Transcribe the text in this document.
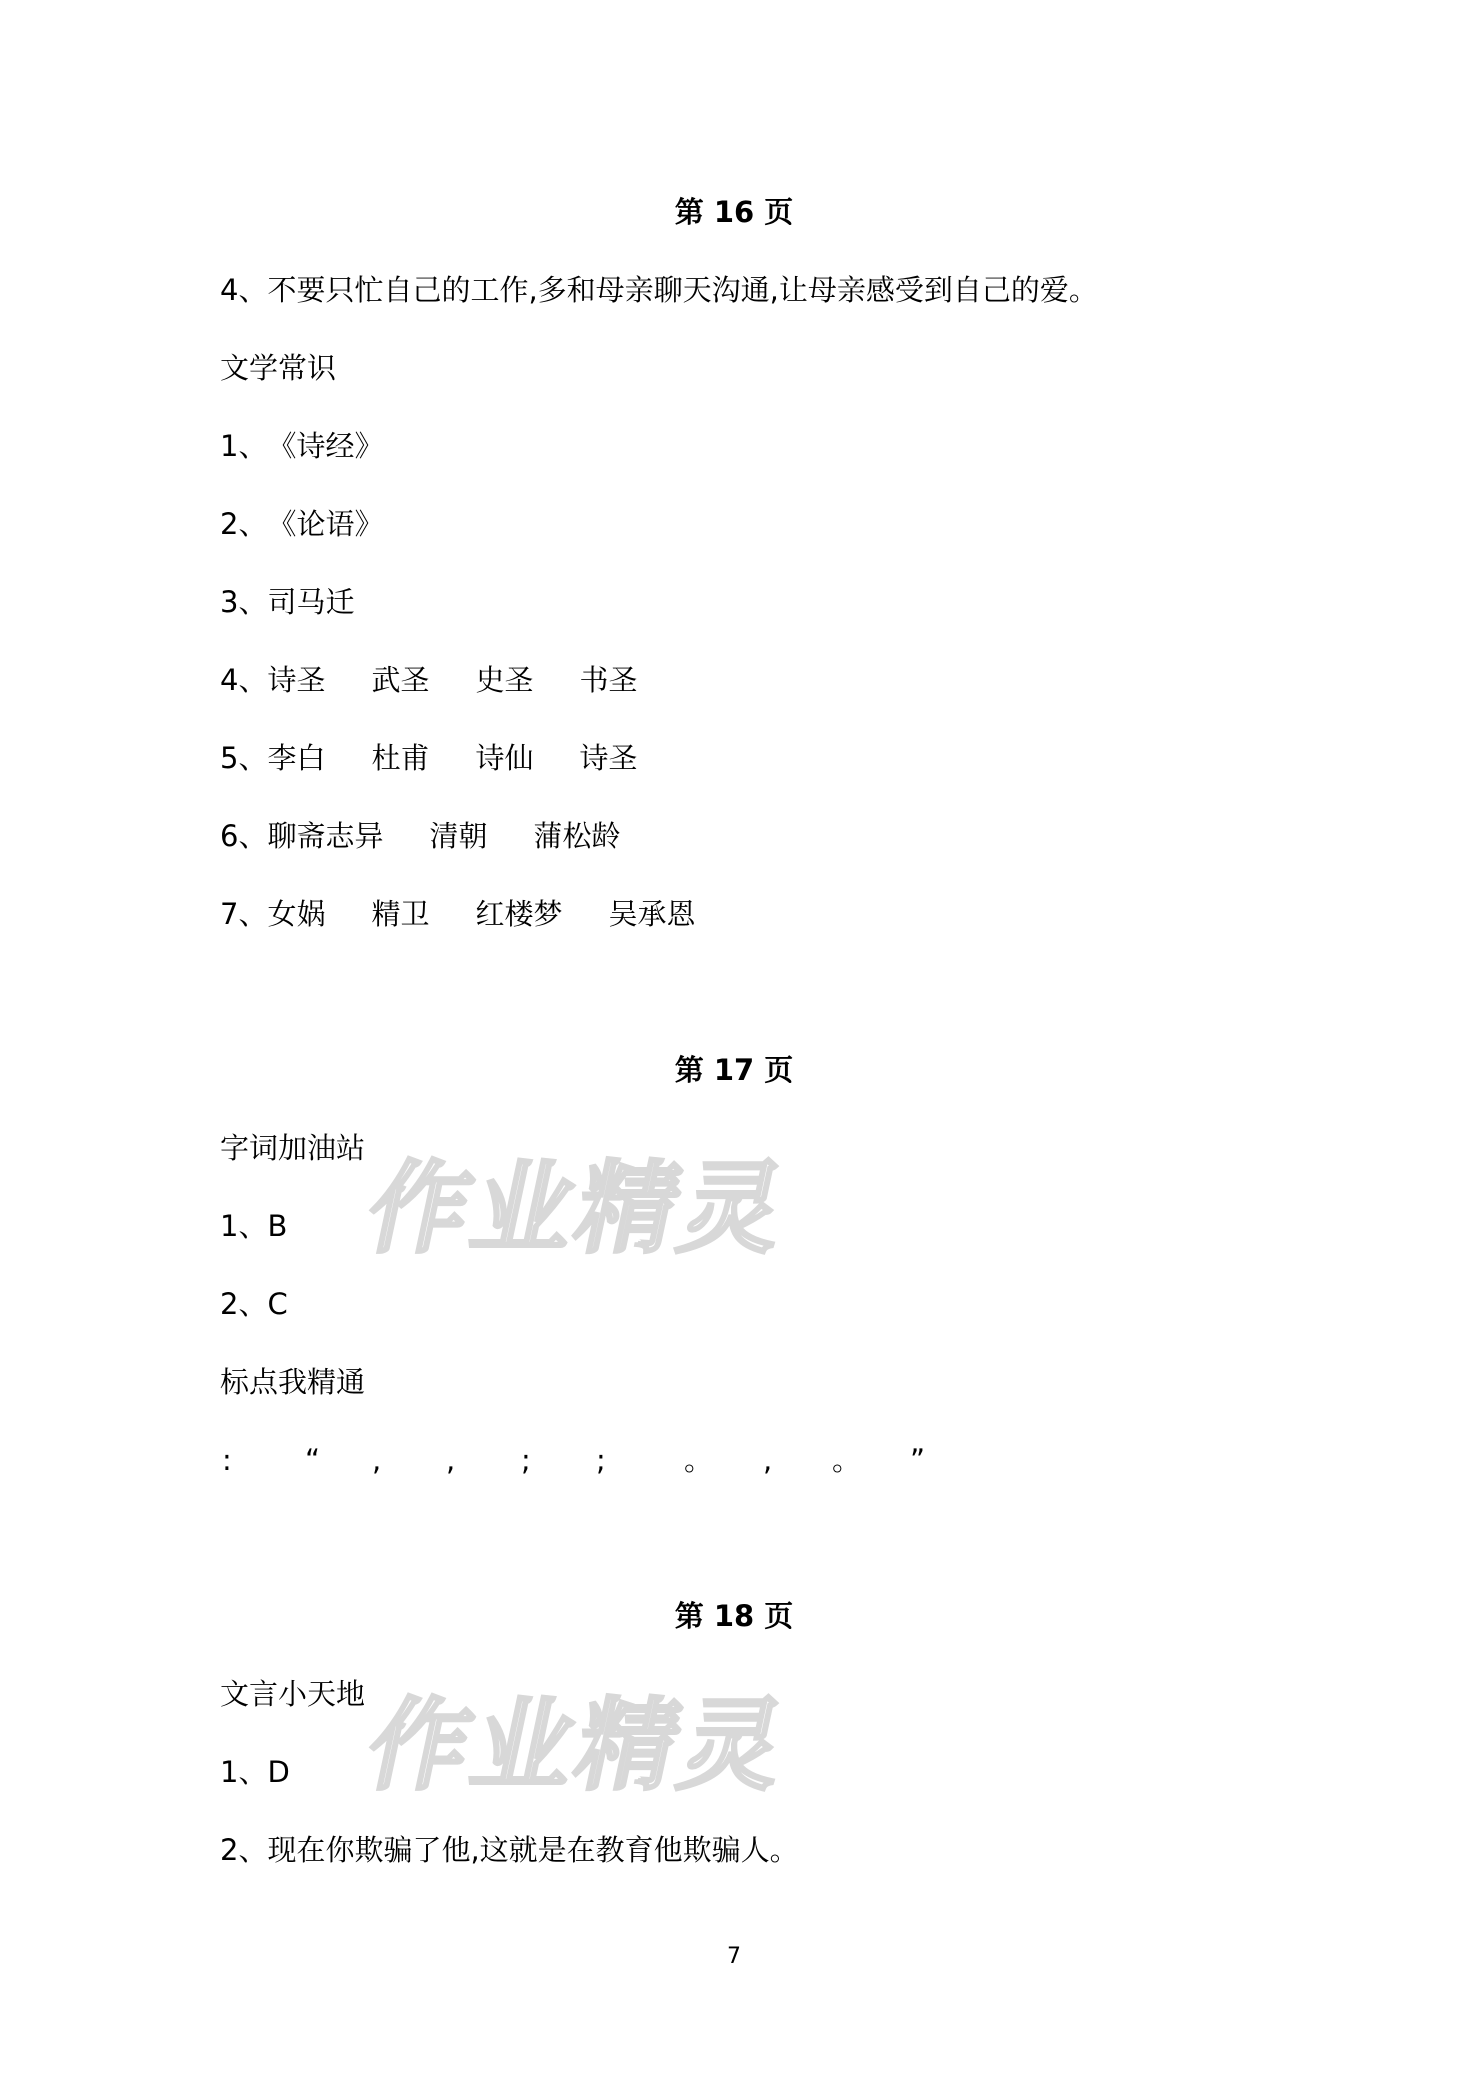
第 16 页

4、不要只忙自己的工作,多和母亲聊天沟通,让母亲感受到自己的爱。

文学常识

1、《诗经》

2、《论语》

3、司马迁

4、诗圣 武圣 史圣 书圣

5、李白 杜甫 诗仙 诗圣

6、聊斋志异 清朝 蒲松龄

7、女娲 精卫 红楼梦 吴承恩

第 17 页

字词加油站

作业精灵

1、B

2、C

标点我精通

:	“ , , ; ;	。 , 。 ”
第 18 页

文言小天地

作业精灵

1、D

2、现在你欺骗了他,这就是在教育他欺骗人。

7
